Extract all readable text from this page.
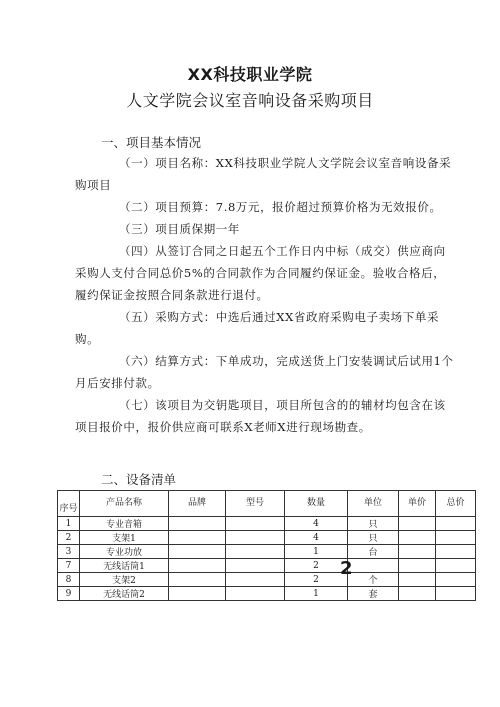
XX科技职业学院
人文学院会议室音响设备采购项目
一、项目基本情况
（一）项目名称：XX科技职业学院人文学院会议室音响设备采购项目
（二）项目预算：7.8万元，报价超过预算价格为无效报价。
（三）项目质保期一年
（四）从签订合同之日起五个工作日内中标（成交）供应商向采购人支付合同总价5%的合同款作为合同履约保证金。验收合格后，履约保证金按照合同条款进行退付。
（五）采购方式：中选后通过XX省政府采购电子卖场下单采购。
（六）结算方式：下单成功，完成送货上门安装调试后试用1个月后安排付款。
（七）该项目为交钥匙项目，项目所包含的的辅材均包含在该项目报价中，报价供应商可联系X老师X进行现场勘查。
二、设备清单
序号	产品名称	品牌	型号	数量	单位	单价	总价
1	专业音箱			4	只		
2	支架1			4	只		
3	专业功放			1	台		
7	无线话筒1			2			
8	支架2			2	个		
9	无线话筒2			1	套		
2
